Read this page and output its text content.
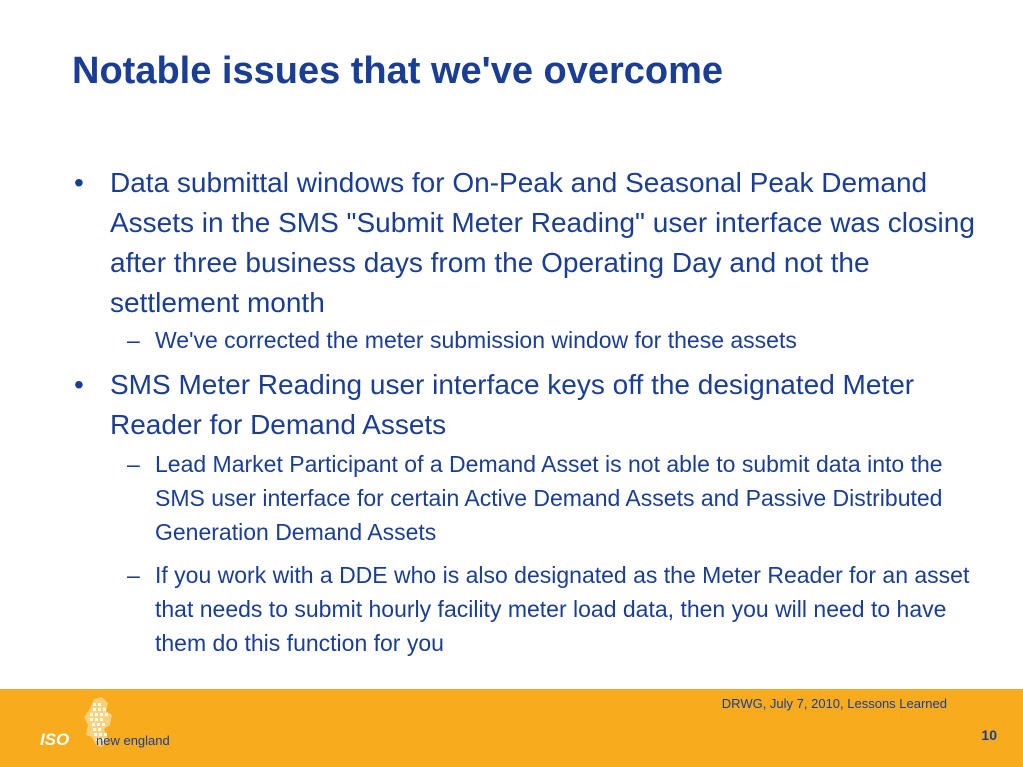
Notable issues that we've overcome

• Data submittal windows for On-Peak and Seasonal Peak Demand Assets in the SMS "Submit Meter Reading" user interface was closing after three business days from the Operating Day and not the settlement month

– We've corrected the meter submission window for these assets

• SMS Meter Reading user interface keys off the designated Meter Reader for Demand Assets

– Lead Market Participant of a Demand Asset is not able to submit data into the SMS user interface for certain Active Demand Assets and Passive Distributed Generation Demand Assets

– If you work with a DDE who is also designated as the Meter Reader for an asset that needs to submit hourly facility meter load data, then you will need to have them do this function for you

ISO new england
DRWG, July 7, 2010, Lessons Learned
10
